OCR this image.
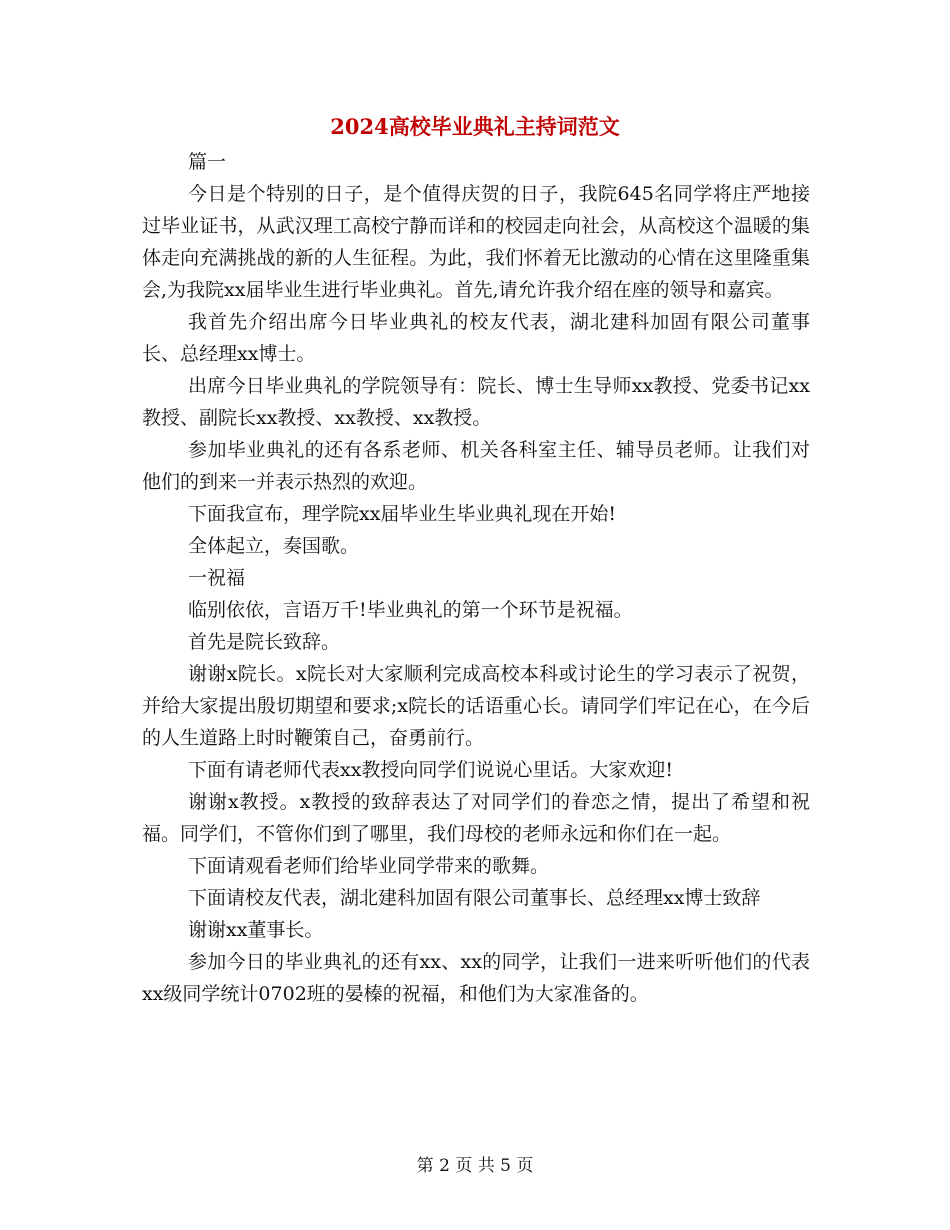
2024高校毕业典礼主持词范文

篇一

今日是个特别的日子，是个值得庆贺的日子，我院645名同学将庄严地接过毕业证书，从武汉理工高校宁静而详和的校园走向社会，从高校这个温暖的集体走向充满挑战的新的人生征程。为此，我们怀着无比激动的心情在这里隆重集会,为我院xx届毕业生进行毕业典礼。首先,请允许我介绍在座的领导和嘉宾。

我首先介绍出席今日毕业典礼的校友代表，湖北建科加固有限公司董事长、总经理xx博士。

出席今日毕业典礼的学院领导有：院长、博士生导师xx教授、党委书记xx教授、副院长xx教授、xx教授、xx教授。

参加毕业典礼的还有各系老师、机关各科室主任、辅导员老师。让我们对他们的到来一并表示热烈的欢迎。

下面我宣布，理学院xx届毕业生毕业典礼现在开始!

全体起立，奏国歌。

一祝福

临别依依，言语万千!毕业典礼的第一个环节是祝福。

首先是院长致辞。

谢谢x院长。x院长对大家顺利完成高校本科或讨论生的学习表示了祝贺，并给大家提出殷切期望和要求;x院长的话语重心长。请同学们牢记在心，在今后的人生道路上时时鞭策自己，奋勇前行。

下面有请老师代表xx教授向同学们说说心里话。大家欢迎!

谢谢x教授。x教授的致辞表达了对同学们的眷恋之情，提出了希望和祝福。同学们，不管你们到了哪里，我们母校的老师永远和你们在一起。

下面请观看老师们给毕业同学带来的歌舞。

下面请校友代表，湖北建科加固有限公司董事长、总经理xx博士致辞

谢谢xx董事长。

参加今日的毕业典礼的还有xx、xx的同学，让我们一进来听听他们的代表xx级同学统计0702班的晏榛的祝福，和他们为大家准备的。

第 2 页 共 5 页
